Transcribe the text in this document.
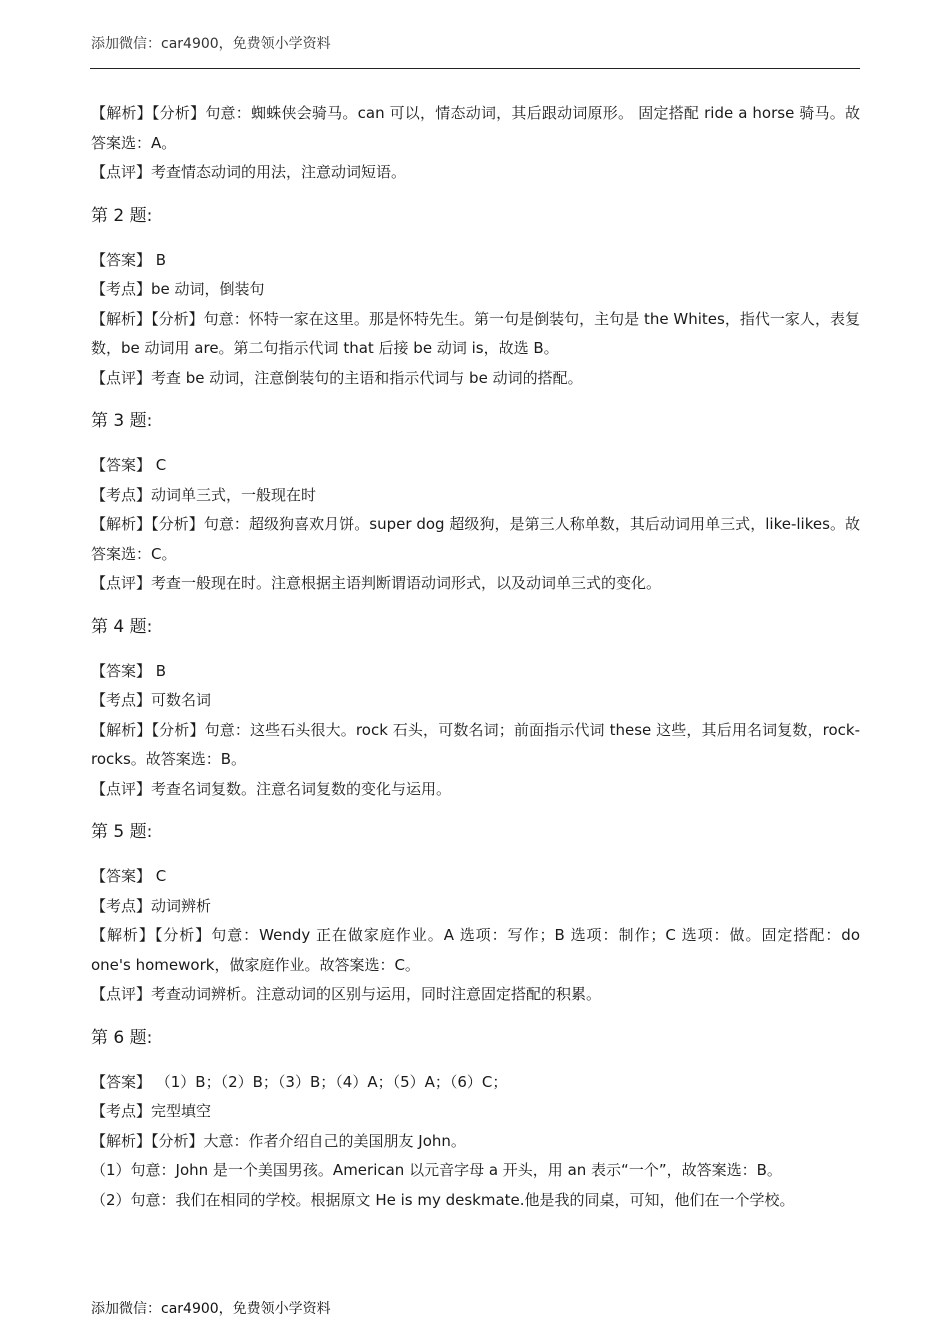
添加微信：car4900，免费领小学资料

【解析】【分析】句意：蜘蛛侠会骑马。can 可以，情态动词，其后跟动词原形。 固定搭配 ride a horse 骑马。故答案选：A。

【点评】考查情态动词的用法，注意动词短语。

第 2 题:

【答案】 B

【考点】be 动词，倒装句

【解析】【分析】句意：怀特一家在这里。那是怀特先生。第一句是倒装句，主句是 the Whites，指代一家人，表复数，be 动词用 are。第二句指示代词 that 后接 be 动词 is，故选 B。

【点评】考查 be 动词，注意倒装句的主语和指示代词与 be 动词的搭配。

第 3 题:

【答案】 C

【考点】动词单三式，一般现在时

【解析】【分析】句意：超级狗喜欢月饼。super dog 超级狗，是第三人称单数，其后动词用单三式，like-likes。故答案选：C。

【点评】考查一般现在时。注意根据主语判断谓语动词形式，以及动词单三式的变化。

第 4 题:

【答案】 B

【考点】可数名词

【解析】【分析】句意：这些石头很大。rock 石头，可数名词；前面指示代词 these 这些，其后用名词复数，rock-rocks。故答案选：B。

【点评】考查名词复数。注意名词复数的变化与运用。

第 5 题:

【答案】 C

【考点】动词辨析

【解析】【分析】句意：Wendy 正在做家庭作业。A 选项：写作；B 选项：制作；C 选项：做。固定搭配：do one's homework，做家庭作业。故答案选：C。

【点评】考查动词辨析。注意动词的区别与运用，同时注意固定搭配的积累。

第 6 题:

【答案】 （1）B；（2）B；（3）B；（4）A；（5）A；（6）C；

【考点】完型填空

【解析】【分析】大意：作者介绍自己的美国朋友 John。

（1）句意：John 是一个美国男孩。American 以元音字母 a 开头，用 an 表示“一个”，故答案选：B。

（2）句意：我们在相同的学校。根据原文 He is my deskmate.他是我的同桌，可知，他们在一个学校。

添加微信：car4900，免费领小学资料
